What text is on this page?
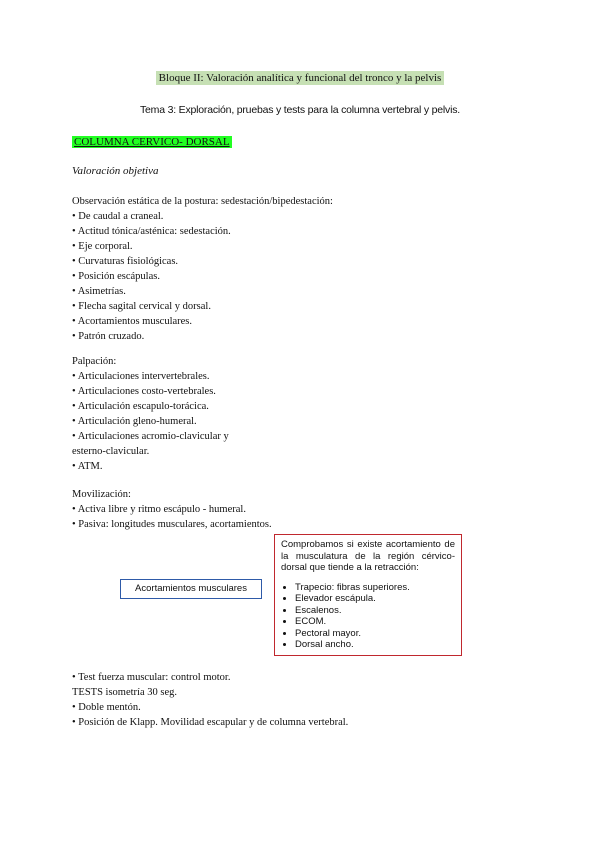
Bloque II: Valoración analítica y funcional del tronco y la pelvis
Tema 3: Exploración, pruebas y tests para la columna vertebral y pelvis.
COLUMNA CERVICO- DORSAL
Valoración objetiva
Observación estática de la postura: sedestación/bipedestación:
• De caudal a craneal.
• Actitud tónica/asténica: sedestación.
• Eje corporal.
• Curvaturas fisiológicas.
• Posición escápulas.
• Asimetrías.
• Flecha sagital cervical y dorsal.
• Acortamientos musculares.
• Patrón cruzado.
Palpación:
• Articulaciones intervertebrales.
• Articulaciones costo-vertebrales.
• Articulación escapulo-torácica.
• Articulación gleno-humeral.
• Articulaciones acromio-clavicular y
esterno-clavicular.
• ATM.
Movilización:
• Activa libre y ritmo escápulo - humeral.
• Pasiva: longitudes musculares, acortamientos.
Acortamientos musculares
Comprobamos si existe acortamiento de la musculatura de la región cérvico-dorsal que tiende a la retracción:
• Trapecio: fibras superiores.
• Elevador escápula.
• Escalenos.
• ECOM.
• Pectoral mayor.
• Dorsal ancho.
• Test fuerza muscular: control motor.
TESTS isometría 30 seg.
• Doble mentón.
• Posición de Klapp. Movilidad escapular y de columna vertebral.
